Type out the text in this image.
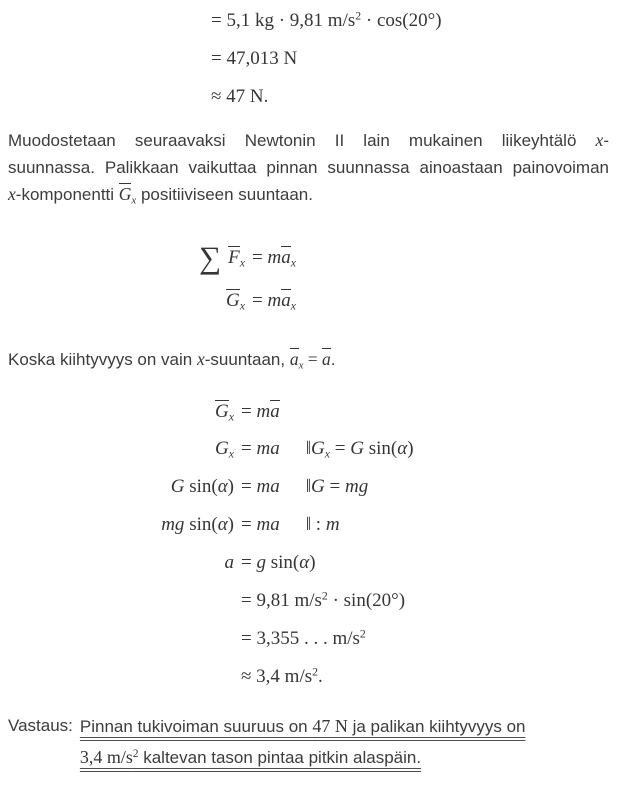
= 5,1 kg · 9,81 $m/s^2 \cdot \cos(20^\circ)$
= 47,013 N
≈ 47 N.
Muodostetaan seuraavaksi Newtonin II lain mukainen liikeyhtälö x-
suunnassa. Palikkaan vaikuttaa pinnan suunnassa ainoastaan painovoiman
x-komponentti $G_x$ positiiviseen suuntaan.
∑ $F_x = ma_x$
$G_x = ma_x$
Koska kiihtyvyys on vain x-suuntaan, $a_x = a$.
$G_x$ = ma
$G_x$ = ma $‖G_x = G$ sin(α)
G sin(α) = ma ‖G = mg
mg sin(α) = ma ‖ : m
a = g sin(α)
= 9,81 $m/s^2 \cdot \sin(20^\circ)$
= 3,355 . . . $m/s^2$
≈ 3,4 $m/s^2$.
Vastaus: Pinnan tukivoiman suuruus on 47 N ja palikan kiihtyvyys on 3,4 $m/s^2$ kaltevan tason pintaa pitkin alaspäin.
